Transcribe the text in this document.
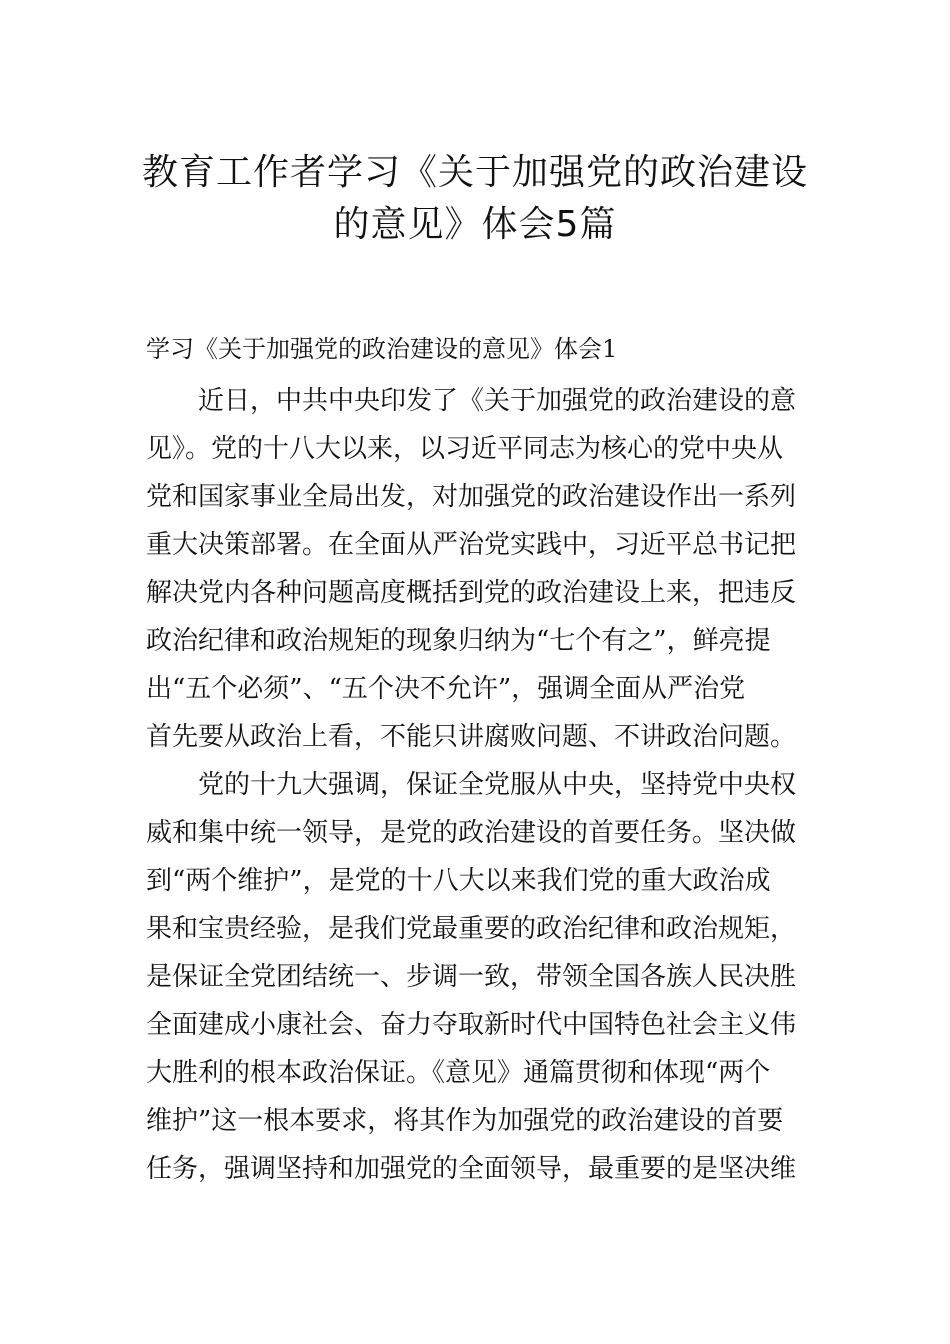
教育工作者学习《关于加强党的政治建设
的意见》体会5篇
学习《关于加强党的政治建设的意见》体会1
近日，中共中央印发了《关于加强党的政治建设的意
见》。党的十八大以来，以习近平同志为核心的党中央从
党和国家事业全局出发，对加强党的政治建设作出一系列
重大决策部署。在全面从严治党实践中，习近平总书记把
解决党内各种问题高度概括到党的政治建设上来，把违反
政治纪律和政治规矩的现象归纳为“七个有之”，鲜亮提
出“五个必须”、“五个决不允许”，强调全面从严治党
首先要从政治上看，不能只讲腐败问题、不讲政治问题。
党的十九大强调，保证全党服从中央，坚持党中央权
威和集中统一领导，是党的政治建设的首要任务。坚决做
到“两个维护”，是党的十八大以来我们党的重大政治成
果和宝贵经验，是我们党最重要的政治纪律和政治规矩，
是保证全党团结统一、步调一致，带领全国各族人民决胜
全面建成小康社会、奋力夺取新时代中国特色社会主义伟
大胜利的根本政治保证。《意见》通篇贯彻和体现“两个
维护”这一根本要求，将其作为加强党的政治建设的首要
任务，强调坚持和加强党的全面领导，最重要的是坚决维
